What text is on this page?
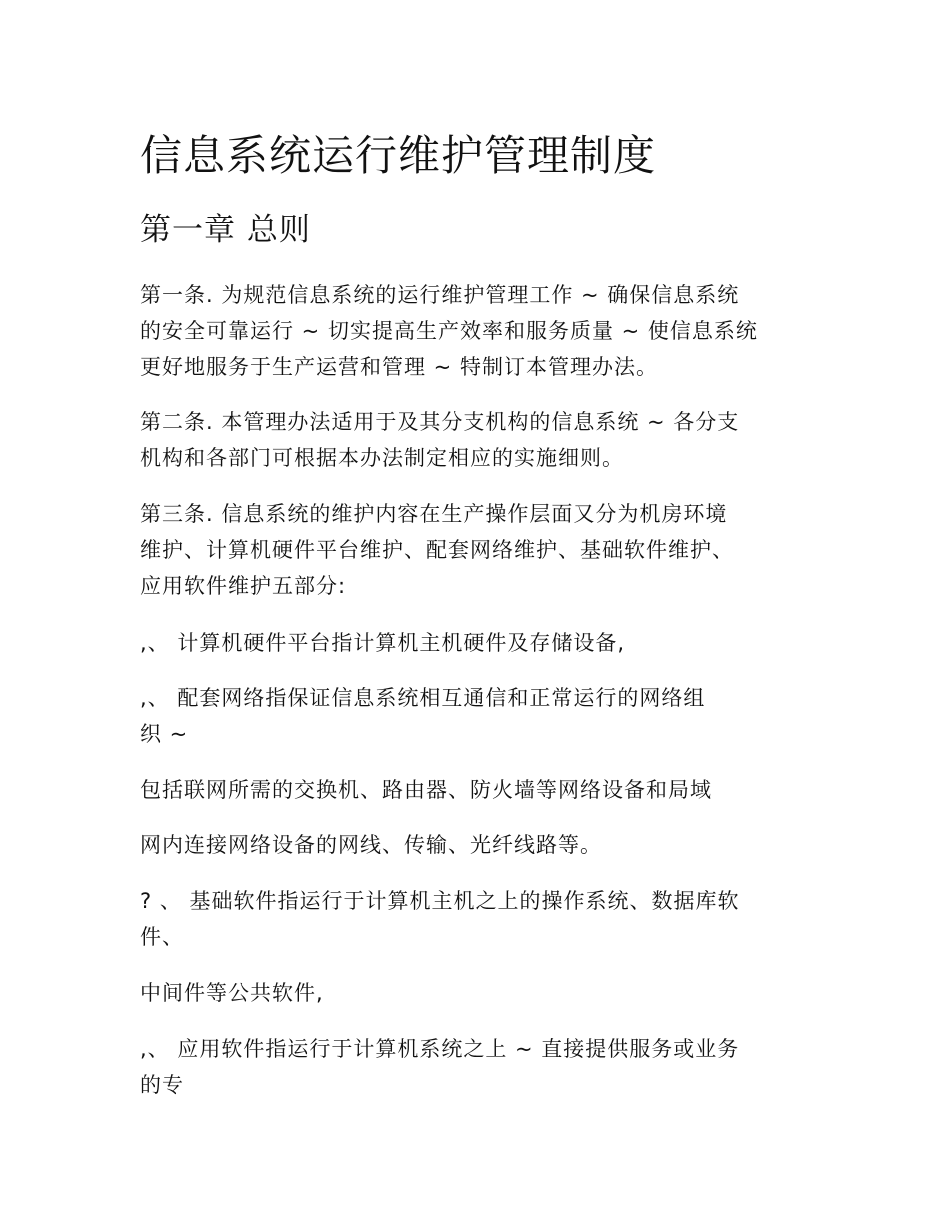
信息系统运行维护管理制度
第一章 总则

第一条. 为规范信息系统的运行维护管理工作 ~ 确保信息系统
的安全可靠运行 ~ 切实提高生产效率和服务质量 ~ 使信息系统
更好地服务于生产运营和管理 ~ 特制订本管理办法。

第二条. 本管理办法适用于及其分支机构的信息系统 ~ 各分支
机构和各部门可根据本办法制定相应的实施细则。

第三条. 信息系统的维护内容在生产操作层面又分为机房环境
维护、计算机硬件平台维护、配套网络维护、基础软件维护、
应用软件维护五部分:

,、 计算机硬件平台指计算机主机硬件及存储设备,

,、 配套网络指保证信息系统相互通信和正常运行的网络组
织 ~

包括联网所需的交换机、路由器、防火墙等网络设备和局域

网内连接网络设备的网线、传输、光纤线路等。

? 、 基础软件指运行于计算机主机之上的操作系统、数据库软
件、

中间件等公共软件,

,、 应用软件指运行于计算机系统之上 ~ 直接提供服务或业务
的专
